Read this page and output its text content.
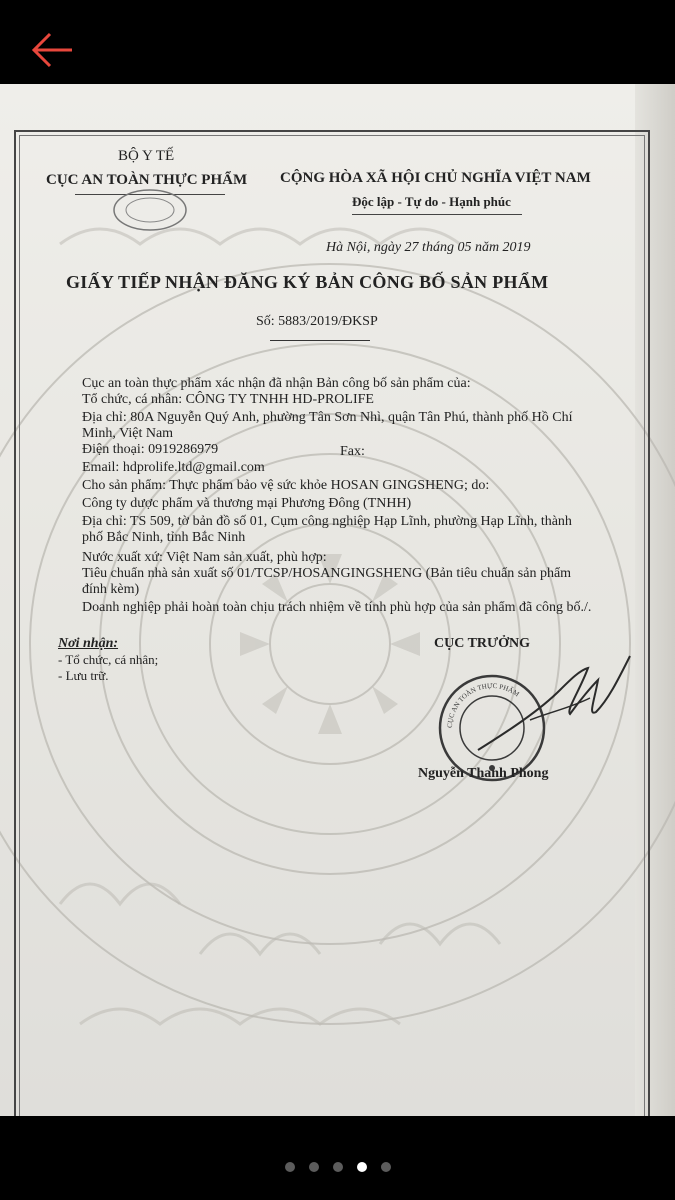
BỘ Y TẾ
CỤC AN TOÀN THỰC PHẨM CỘNG HÒA XÃ HỘI CHỦ NGHĨA VIỆT NAM
Độc lập - Tự do - Hạnh phúc
Hà Nội, ngày 27 tháng 05 năm 2019
GIẤY TIẾP NHẬN ĐĂNG KÝ BẢN CÔNG BỐ SẢN PHẨM
Số: 5883/2019/ĐKSP
Cục an toàn thực phẩm xác nhận đã nhận Bản công bố sản phẩm của:
Tổ chức, cá nhân: CÔNG TY TNHH HD-PROLIFE
Địa chỉ: 80A Nguyễn Quý Anh, phường Tân Sơn Nhì, quận Tân Phú, thành phố Hồ Chí
Minh, Việt Nam
Điện thoại: 0919286979	Fax:
Email: hdprolife.ltd@gmail.com
Cho sản phẩm: Thực phẩm bảo vệ sức khỏe HOSAN GINGSHENG; do:
Công ty dược phẩm và thương mại Phương Đông (TNHH)
Địa chỉ: TS 509, tờ bản đồ số 01, Cụm công nghiệp Hạp Lĩnh, phường Hạp Lĩnh, thành
phố Bắc Ninh, tỉnh Bắc Ninh
Nước xuất xứ: Việt Nam sản xuất, phù hợp:
Tiêu chuẩn nhà sản xuất số 01/TCSP/HOSANGINGSHENG (Bản tiêu chuẩn sản phẩm
đính kèm)
Doanh nghiệp phải hoàn toàn chịu trách nhiệm về tính phù hợp của sản phẩm đã công bố./.
Nơi nhận:
- Tổ chức, cá nhân;
- Lưu trữ.
CỤC TRƯỞNG
CỤC AN TOÀN THỰC PHẨM
Nguyễn Thanh Phong
